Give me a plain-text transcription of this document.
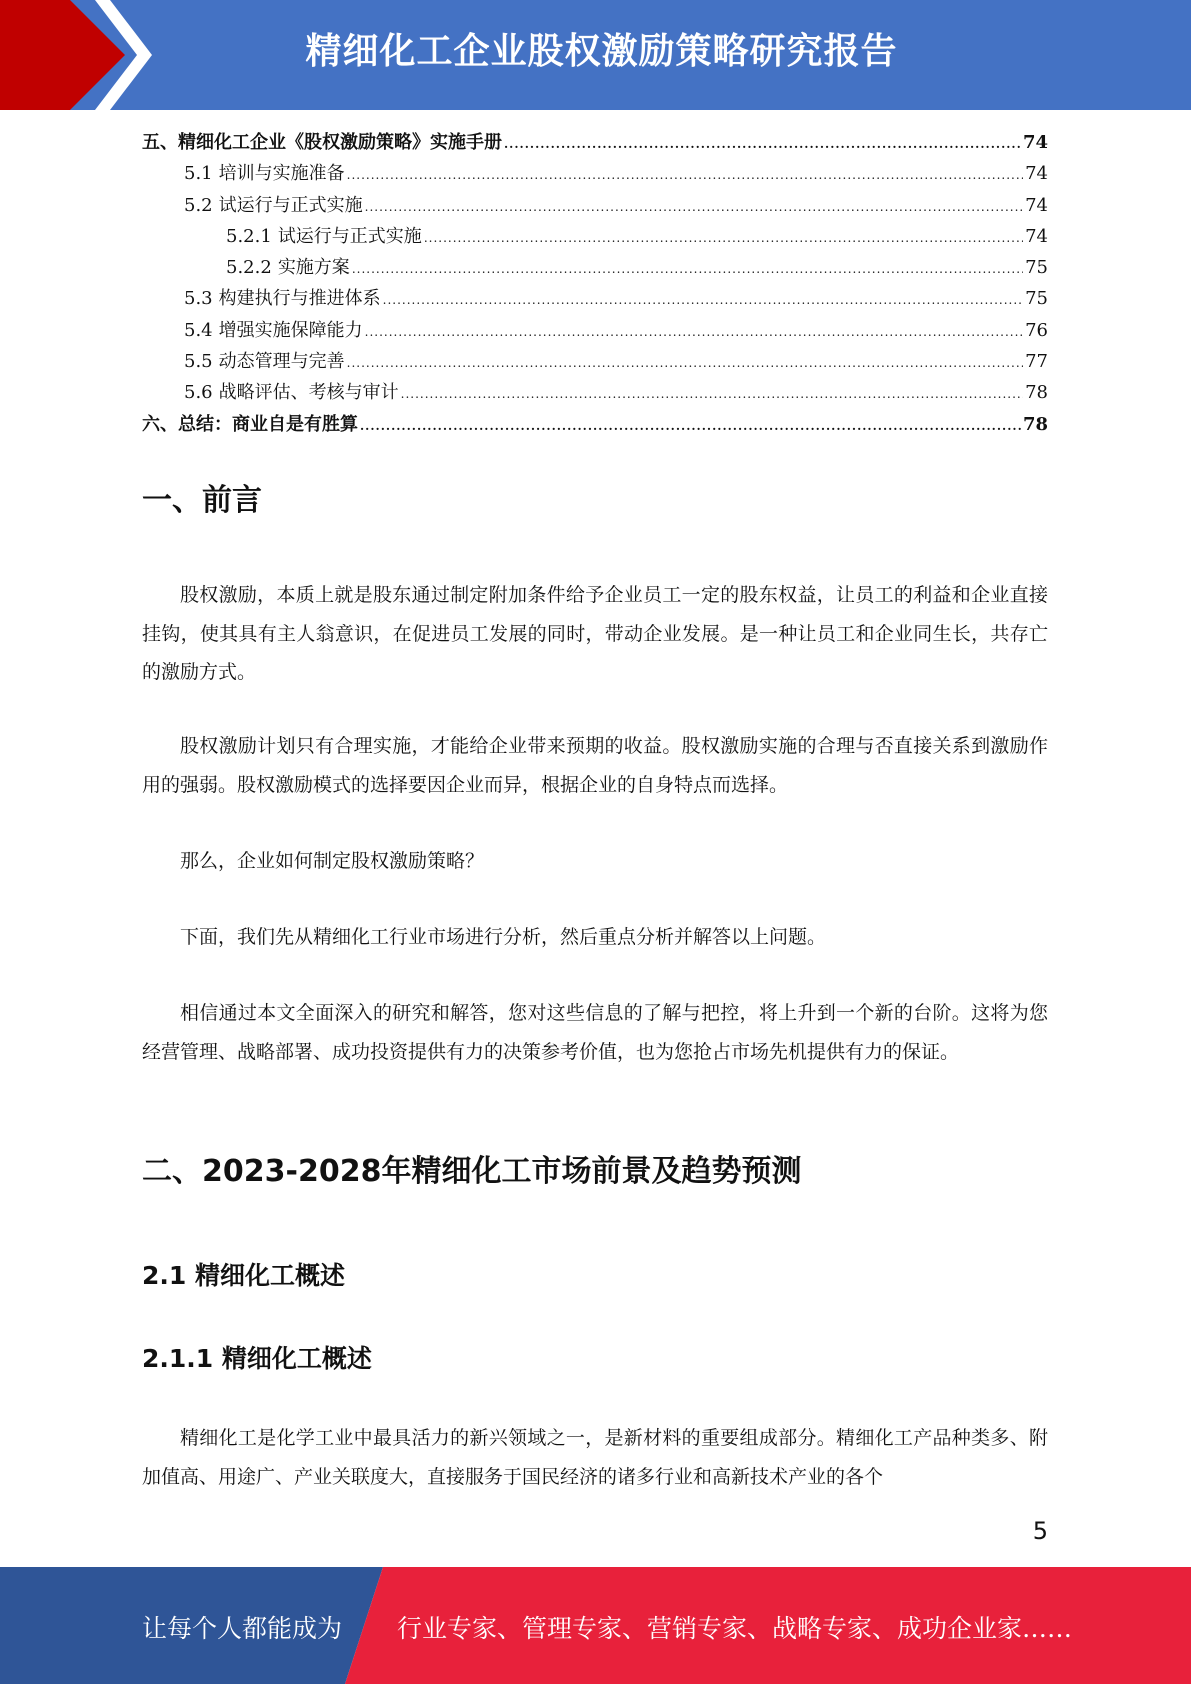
精细化工企业股权激励策略研究报告
五、精细化工企业《股权激励策略》实施手册 .....	74
5.1 培训与实施准备 .....	74
5.2 试运行与正式实施 .....	74
5.2.1 试运行与正式实施 .....	74
5.2.2 实施方案 .....	75
5.3 构建执行与推进体系 .....	75
5.4 增强实施保障能力 .....	76
5.5 动态管理与完善 .....	77
5.6 战略评估、考核与审计 .....	78
六、总结：商业自是有胜算 .....	78
一、前言

股权激励，本质上就是股东通过制定附加条件给予企业员工一定的股东权益，让员工的利益和企业直接挂钩，使其具有主人翁意识，在促进员工发展的同时，带动企业发展。是一种让员工和企业同生长，共存亡的激励方式。

股权激励计划只有合理实施，才能给企业带来预期的收益。股权激励实施的合理与否直接关系到激励作用的强弱。股权激励模式的选择要因企业而异，根据企业的自身特点而选择。

那么，企业如何制定股权激励策略？

下面，我们先从精细化工行业市场进行分析，然后重点分析并解答以上问题。

相信通过本文全面深入的研究和解答，您对这些信息的了解与把控，将上升到一个新的台阶。这将为您经营管理、战略部署、成功投资提供有力的决策参考价值，也为您抢占市场先机提供有力的保证。

二、2023-2028年精细化工市场前景及趋势预测
2.1 精细化工概述
2.1.1 精细化工概述

精细化工是化学工业中最具活力的新兴领域之一，是新材料的重要组成部分。精细化工产品种类多、附加值高、用途广、产业关联度大，直接服务于国民经济的诸多行业和高新技术产业的各个

5
让每个人都能成为 行业专家、管理专家、营销专家、战略专家、成功企业家……
